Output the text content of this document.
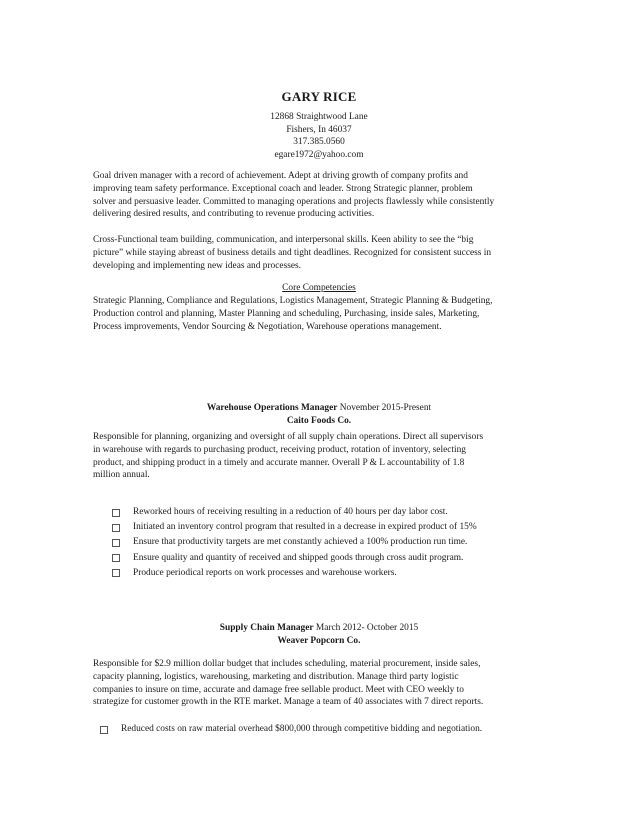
GARY RICE
12868 Straightwood Lane
Fishers, In 46037
317.385.0560
egare1972@yahoo.com
Goal driven manager with a record of achievement. Adept at driving growth of company profits and
improving team safety performance. Exceptional coach and leader. Strong Strategic planner, problem
solver and persuasive leader. Committed to managing operations and projects flawlessly while consistently
delivering desired results, and contributing to revenue producing activities.
Cross-Functional team building, communication, and interpersonal skills. Keen ability to see the “big
picture” while staying abreast of business details and tight deadlines. Recognized for consistent success in
developing and implementing new ideas and processes.
Core Competencies
Strategic Planning, Compliance and Regulations, Logistics Management, Strategic Planning & Budgeting,
Production control and planning, Master Planning and scheduling, Purchasing, inside sales, Marketing,
Process improvements, Vendor Sourcing & Negotiation, Warehouse operations management.
Warehouse Operations Manager November 2015-Present
Caito Foods Co.
Responsible for planning, organizing and oversight of all supply chain operations. Direct all supervisors
in warehouse with regards to purchasing product, receiving product, rotation of inventory, selecting
product, and shipping product in a timely and accurate manner. Overall P & L accountability of 1.8
million annual.
Reworked hours of receiving resulting in a reduction of 40 hours per day labor cost.
Initiated an inventory control program that resulted in a decrease in expired product of 15%
Ensure that productivity targets are met constantly achieved a 100% production run time.
Ensure quality and quantity of received and shipped goods through cross audit program.
Produce periodical reports on work processes and warehouse workers.
Supply Chain Manager March 2012- October 2015
Weaver Popcorn Co.
Responsible for $2.9 million dollar budget that includes scheduling, material procurement, inside sales,
capacity planning, logistics, warehousing, marketing and distribution. Manage third party logistic
companies to insure on time, accurate and damage free sellable product. Meet with CEO weekly to
strategize for customer growth in the RTE market. Manage a team of 40 associates with 7 direct reports.
Reduced costs on raw material overhead $800,000 through competitive bidding and negotiation.
